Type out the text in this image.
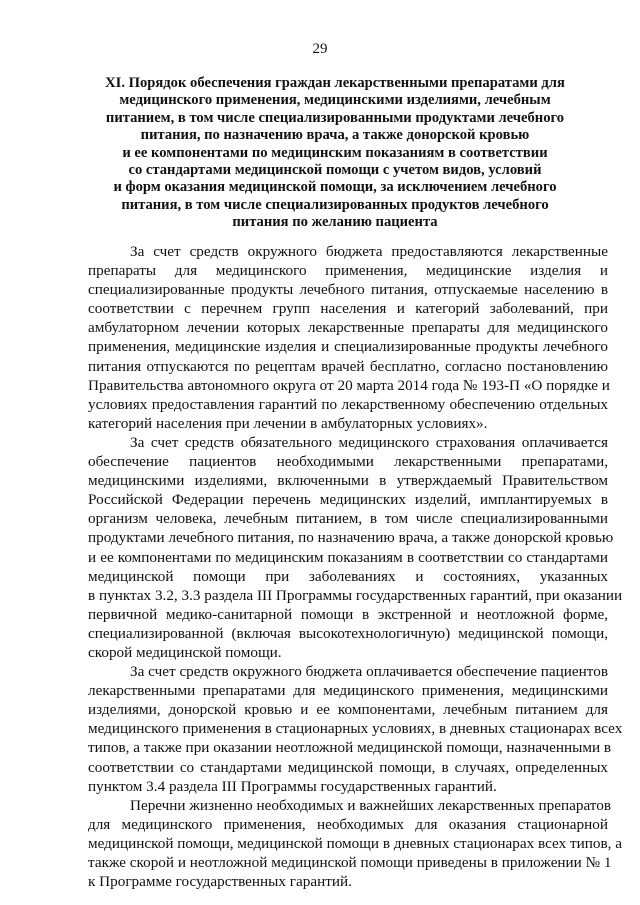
29
XI. Порядок обеспечения граждан лекарственными препаратами для
медицинского применения, медицинскими изделиями, лечебным
питанием, в том числе специализированными продуктами лечебного
питания, по назначению врача, а также донорской кровью
и ее компонентами по медицинским показаниям в соответствии
со стандартами медицинской помощи с учетом видов, условий
и форм оказания медицинской помощи, за исключением лечебного
питания, в том числе специализированных продуктов лечебного
питания по желанию пациента

За счет средств окружного бюджета предоставляются лекарственные
препараты для медицинского применения, медицинские изделия и
специализированные продукты лечебного питания, отпускаемые населению в
соответствии с перечнем групп населения и категорий заболеваний, при
амбулаторном лечении которых лекарственные препараты для медицинского
применения, медицинские изделия и специализированные продукты лечебного
питания отпускаются по рецептам врачей бесплатно, согласно постановлению
Правительства автономного округа от 20 марта 2014 года № 193-П «О порядке и
условиях предоставления гарантий по лекарственному обеспечению отдельных
категорий населения при лечении в амбулаторных условиях».

За счет средств обязательного медицинского страхования оплачивается
обеспечение пациентов необходимыми лекарственными препаратами,
медицинскими изделиями, включенными в утверждаемый Правительством
Российской Федерации перечень медицинских изделий, имплантируемых в
организм человека, лечебным питанием, в том числе специализированными
продуктами лечебного питания, по назначению врача, а также донорской кровью
и ее компонентами по медицинским показаниям в соответствии со стандартами
медицинской помощи при заболеваниях и состояниях, указанных
в пунктах 3.2, 3.3 раздела III Программы государственных гарантий, при оказании
первичной медико-санитарной помощи в экстренной и неотложной форме,
специализированной (включая высокотехнологичную) медицинской помощи,
скорой медицинской помощи.

За счет средств окружного бюджета оплачивается обеспечение пациентов
лекарственными препаратами для медицинского применения, медицинскими
изделиями, донорской кровью и ее компонентами, лечебным питанием для
медицинского применения в стационарных условиях, в дневных стационарах всех
типов, а также при оказании неотложной медицинской помощи, назначенными в
соответствии со стандартами медицинской помощи, в случаях, определенных
пунктом 3.4 раздела III Программы государственных гарантий.

Перечни жизненно необходимых и важнейших лекарственных препаратов
для медицинского применения, необходимых для оказания стационарной
медицинской помощи, медицинской помощи в дневных стационарах всех типов, а
также скорой и неотложной медицинской помощи приведены в приложении № 1
к Программе государственных гарантий.
